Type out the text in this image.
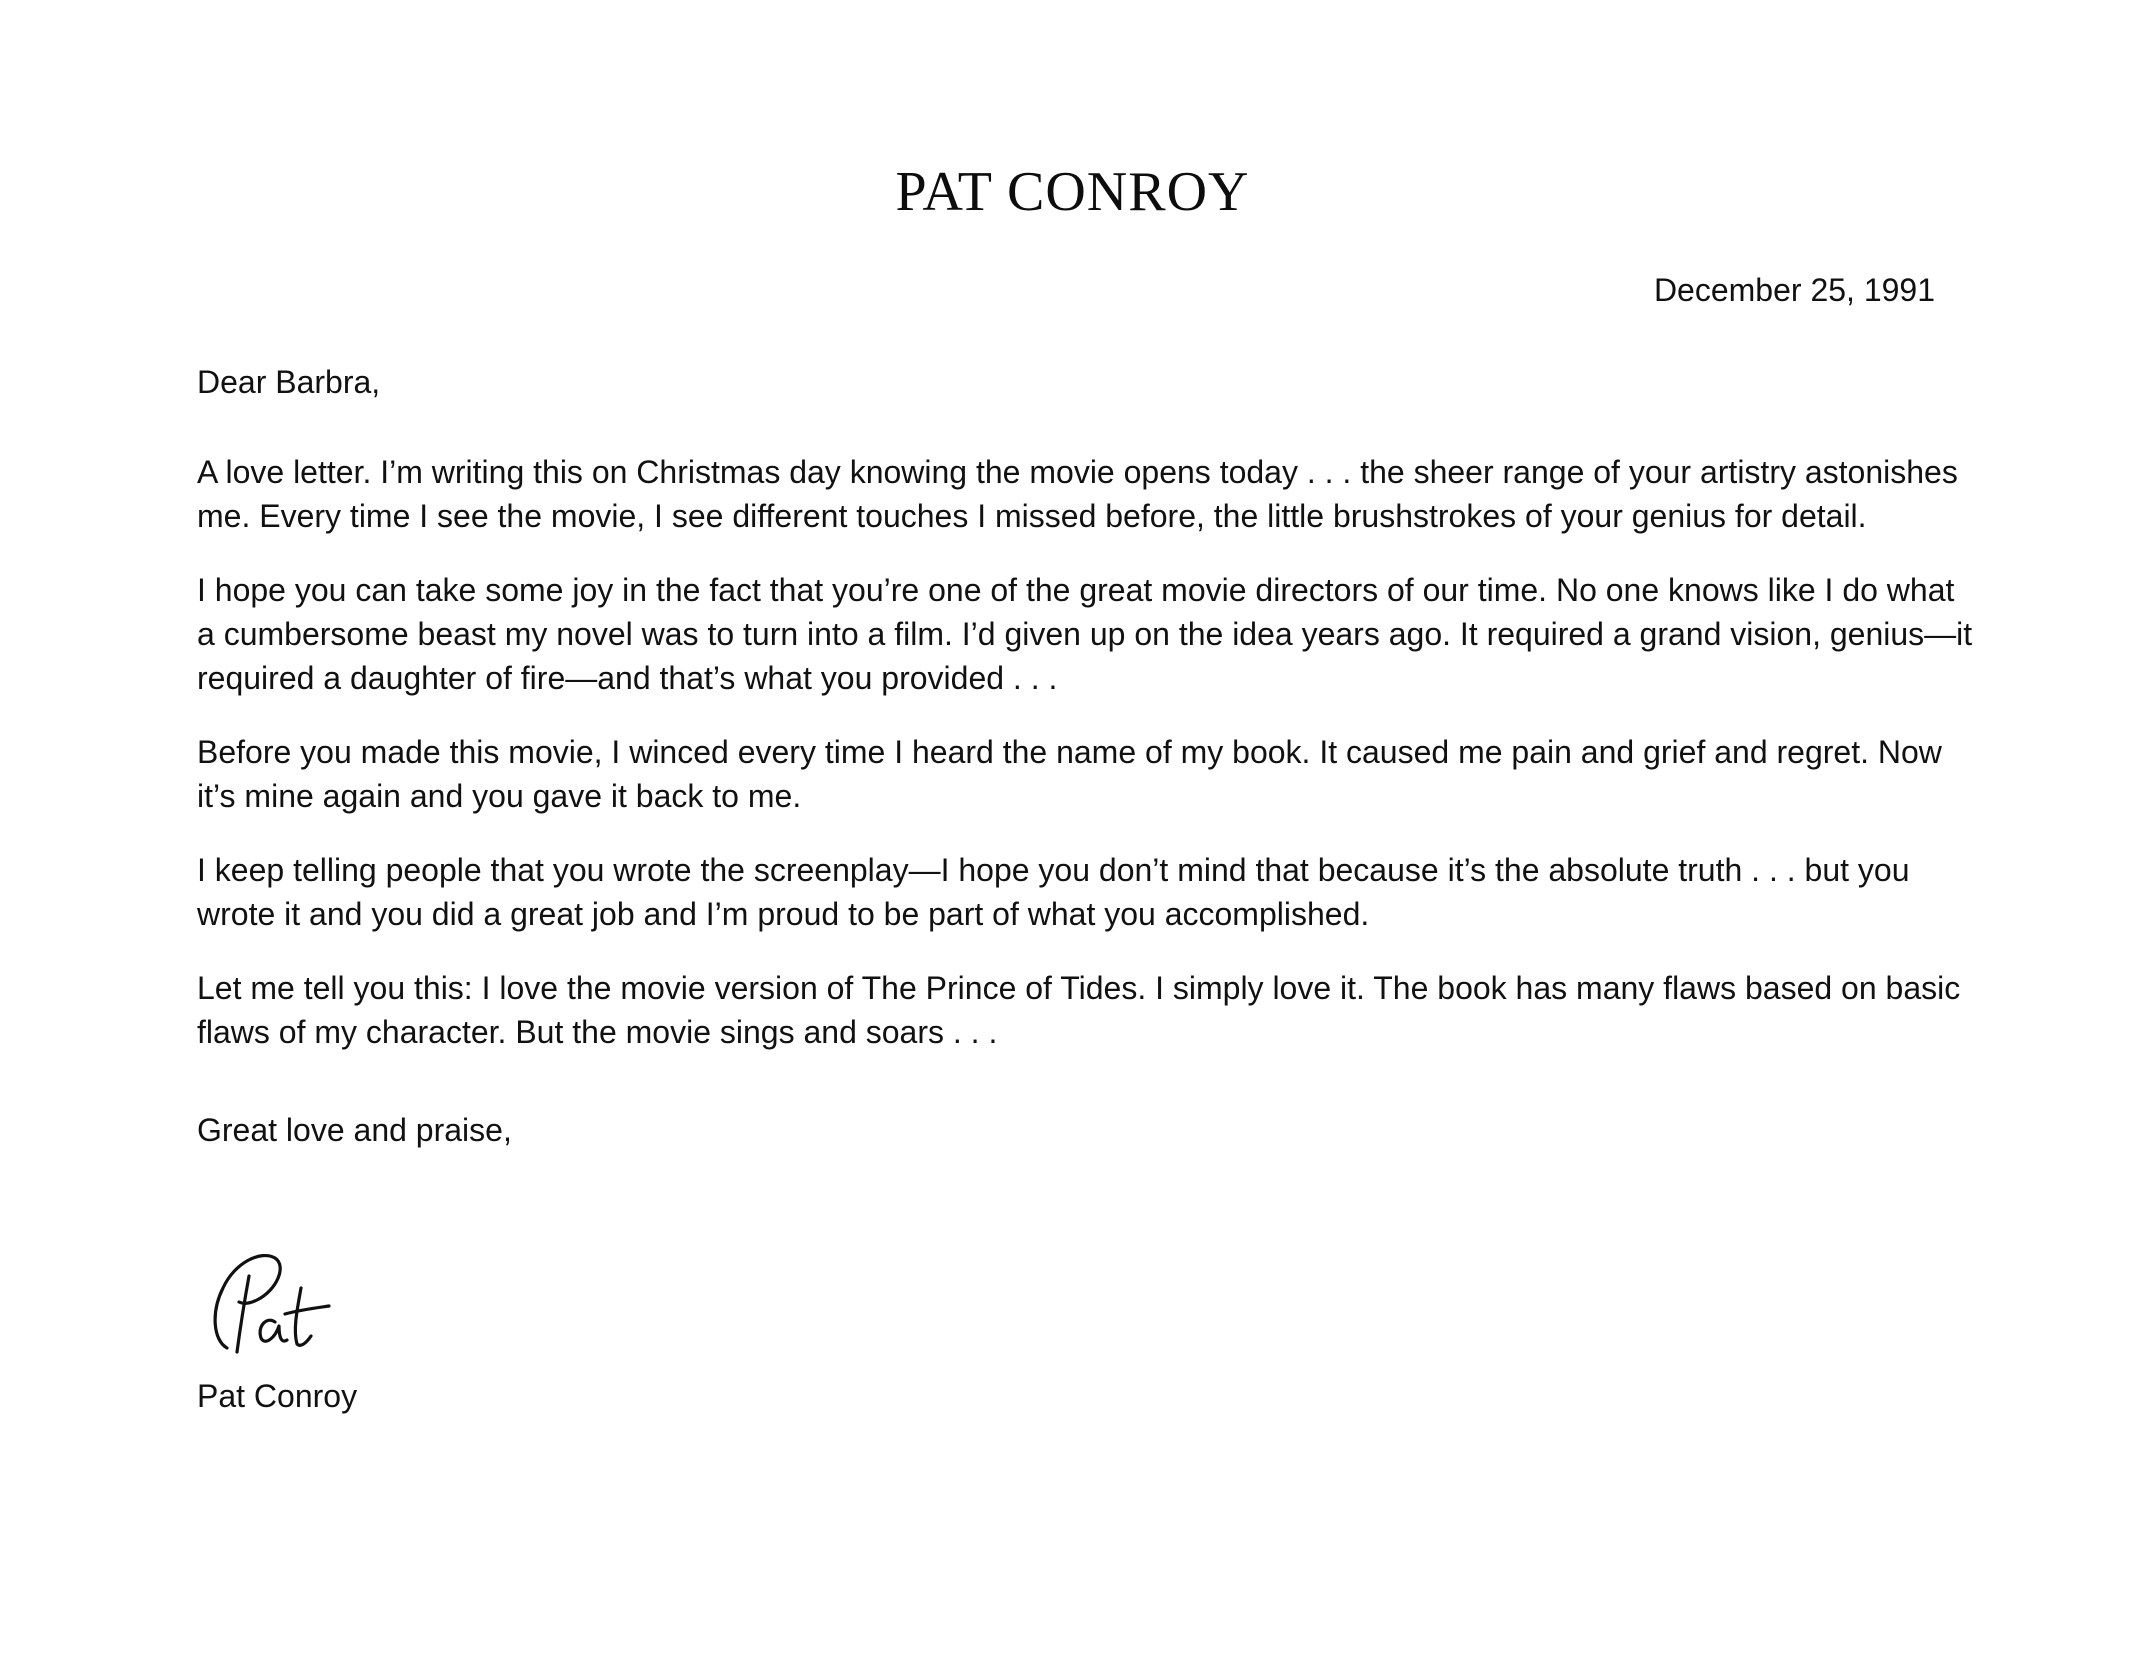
PAT CONROY
December 25, 1991
Dear Barbra,

A love letter. I’m writing this on Christmas day knowing the movie opens today . . . the sheer range of your artistry astonishes me. Every time I see the movie, I see different touches I missed before, the little brushstrokes of your genius for detail.

I hope you can take some joy in the fact that you’re one of the great movie directors of our time. No one knows like I do what a cumbersome beast my novel was to turn into a film. I’d given up on the idea years ago. It required a grand vision, genius—it required a daughter of fire—and that’s what you provided . . .

Before you made this movie, I winced every time I heard the name of my book. It caused me pain and grief and regret. Now it’s mine again and you gave it back to me.

I keep telling people that you wrote the screenplay—I hope you don’t mind that because it’s the absolute truth . . . but you wrote it and you did a great job and I’m proud to be part of what you accomplished.

Let me tell you this: I love the movie version of The Prince of Tides. I simply love it. The book has many flaws based on basic flaws of my character. But the movie sings and soars . . .

Great love and praise,
Pat Conroy
